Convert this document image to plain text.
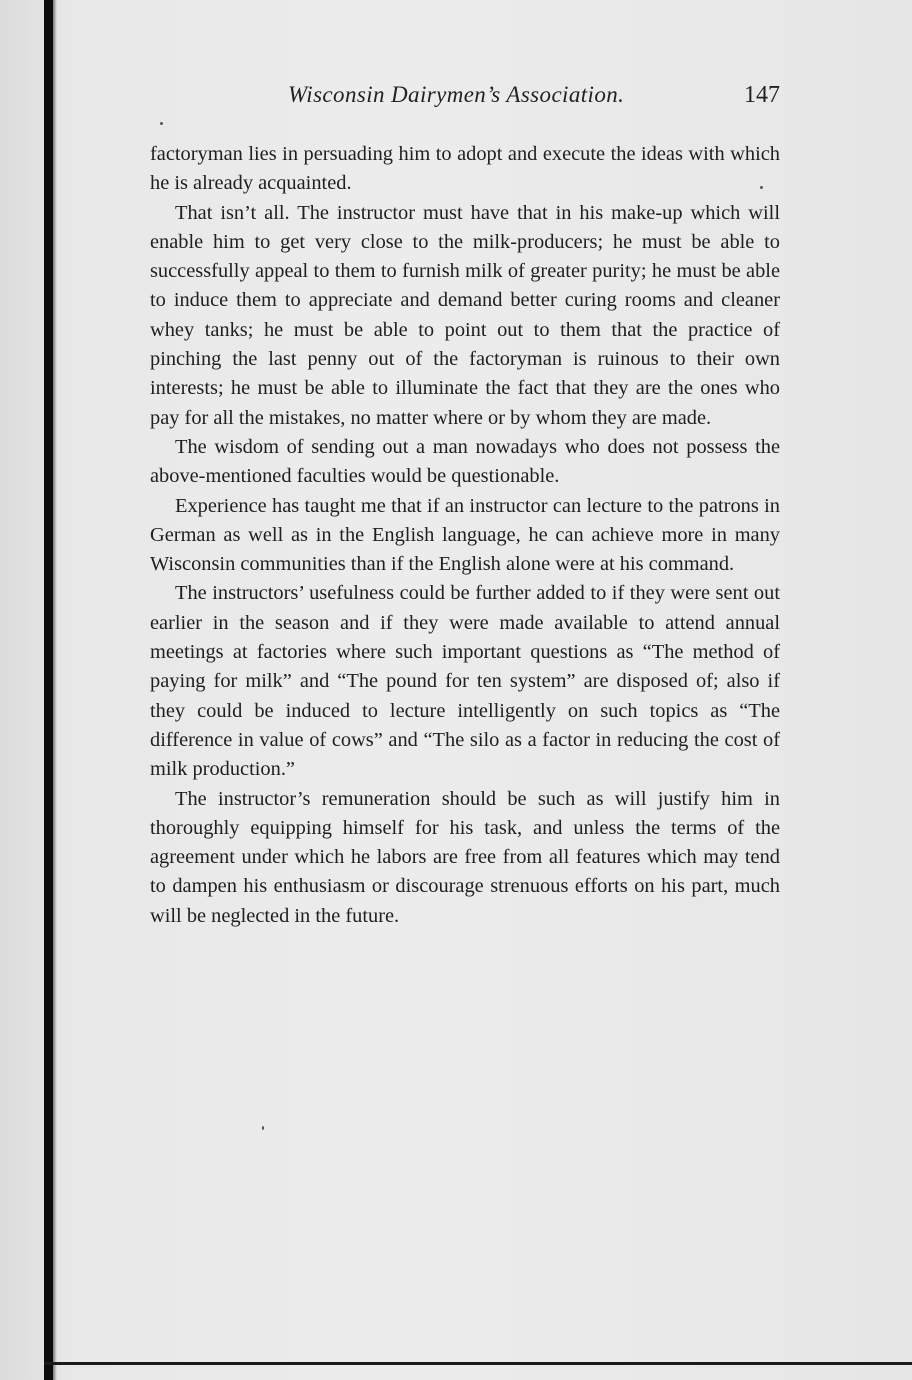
Wisconsin Dairymen’s Association.	147

factoryman lies in persuading him to adopt and execute the ideas with which he is already acquainted.

That isn’t all. The instructor must have that in his make-up which will enable him to get very close to the milk-producers; he must be able to successfully appeal to them to furnish milk of greater purity; he must be able to induce them to appreciate and demand better curing rooms and cleaner whey tanks; he must be able to point out to them that the practice of pinching the last penny out of the factoryman is ruinous to their own interests; he must be able to illuminate the fact that they are the ones who pay for all the mistakes, no matter where or by whom they are made.

The wisdom of sending out a man nowadays who does not possess the above-mentioned faculties would be questionable.

Experience has taught me that if an instructor can lecture to the patrons in German as well as in the English language, he can achieve more in many Wisconsin communities than if the English alone were at his command.

The instructors’ usefulness could be further added to if they were sent out earlier in the season and if they were made available to attend annual meetings at factories where such important questions as “The method of paying for milk” and “The pound for ten system” are disposed of; also if they could be induced to lecture intelligently on such topics as “The difference in value of cows” and “The silo as a factor in reducing the cost of milk production.”

The instructor’s remuneration should be such as will justify him in thoroughly equipping himself for his task, and unless the terms of the agreement under which he labors are free from all features which may tend to dampen his enthusiasm or discourage strenuous efforts on his part, much will be neglected in the future.
